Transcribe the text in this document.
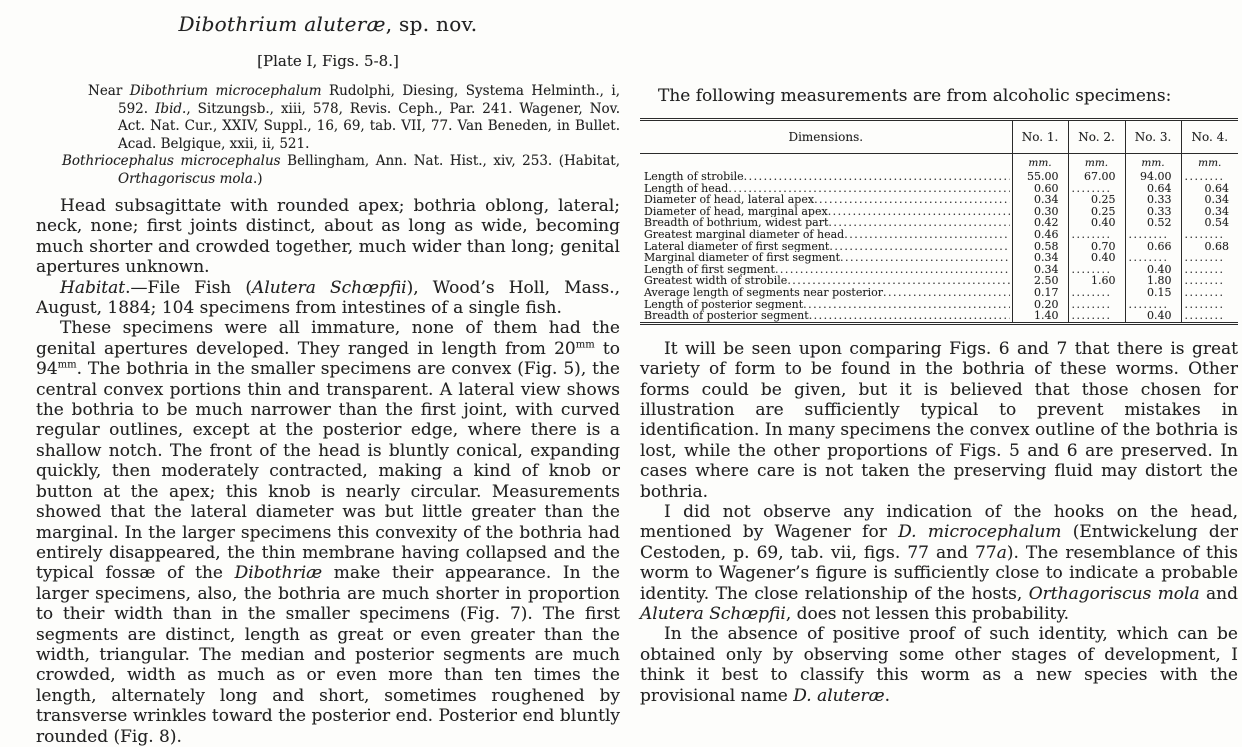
Dibothrium aluteræ, sp. nov.
[Plate I, Figs. 5-8.]

Near Dibothrium microcephalum Rudolphi, Diesing, Systema Helminth., i, 592. Ibid., Sitzungsb., xiii, 578, Revis. Ceph., Par. 241. Wagener, Nov. Act. Nat. Cur., XXIV, Suppl., 16, 69, tab. VII, 77. Van Beneden, in Bullet. Acad. Belgique, xxii, ii, 521.

Bothriocephalus microcephalus Bellingham, Ann. Nat. Hist., xiv, 253. (Habitat, Orthagoriscus mola.)

Head subsagittate with rounded apex; bothria oblong, lateral; neck, none; first joints distinct, about as long as wide, becoming much shorter and crowded together, much wider than long; genital apertures unknown.

Habitat.—File Fish (Alutera Schœpfii), Wood’s Holl, Mass., August, 1884; 104 specimens from intestines of a single fish.

These specimens were all immature, none of them had the genital apertures developed. They ranged in length from $20^{mm}$ to $94^{mm}$. The bothria in the smaller specimens are convex (Fig. 5), the central convex portions thin and transparent. A lateral view shows the bothria to be much narrower than the first joint, with curved regular outlines, except at the posterior edge, where there is a shallow notch. The front of the head is bluntly conical, expanding quickly, then moderately contracted, making a kind of knob or button at the apex; this knob is nearly circular. Measurements showed that the lateral diameter was but little greater than the marginal. In the larger specimens this convexity of the bothria had entirely disappeared, the thin membrane having collapsed and the typical fossæ of the Dibothriæ make their appearance. In the larger specimens, also, the bothria are much shorter in proportion to their width than in the smaller specimens (Fig. 7). The first segments are distinct, length as great or even greater than the width, triangular. The median and posterior segments are much crowded, width as much as or even more than ten times the length, alternately long and short, sometimes roughened by transverse wrinkles toward the posterior end. Posterior end bluntly rounded (Fig. 8).

The following measurements are from alcoholic specimens:

Dimensions.	No. 1.	No. 2.	No. 3.	No. 4.
	mm.	mm.	mm.	mm.

Length of strobile .....	55.00	67.00	94.00	........

Length of head .....	0.60	........	0.64	0.64

Diameter of head, lateral apex .....	0.34	0.25	0.33	0.34

Diameter of head, marginal apex .....	0.30	0.25	0.33	0.34

Breadth of bothrium, widest part .....	0.42	0.40	0.52	0.54

Greatest marginal diameter of head .....	0.46	........	........	........

Lateral diameter of first segment .....	0.58	0.70	0.66	0.68

Marginal diameter of first segment .....	0.34	0.40	........	........

Length of first segment .....	0.34	........	0.40	........

Greatest width of strobile .....	2.50	1.60	1.80	........

Average length of segments near posterior .....	0.17	........	0.15	........

Length of posterior segment .....	0.20	........	........	........

Breadth of posterior segment .....	1.40	........	0.40	........

It will be seen upon comparing Figs. 6 and 7 that there is great variety of form to be found in the bothria of these worms. Other forms could be given, but it is believed that those chosen for illustration are sufficiently typical to prevent mistakes in identification. In many specimens the convex outline of the bothria is lost, while the other proportions of Figs. 5 and 6 are preserved. In cases where care is not taken the preserving fluid may distort the bothria.

I did not observe any indication of the hooks on the head, mentioned by Wagener for D. microcephalum (Entwickelung der Cestoden, p. 69, tab. vii, figs. 77 and 77a). The resemblance of this worm to Wagener’s figure is sufficiently close to indicate a probable identity. The close relationship of the hosts, Orthagoriscus mola and Alutera Schœpfii, does not lessen this probability.

In the absence of positive proof of such identity, which can be obtained only by observing some other stages of development, I think it best to classify this worm as a new species with the provisional name D. aluteræ.
